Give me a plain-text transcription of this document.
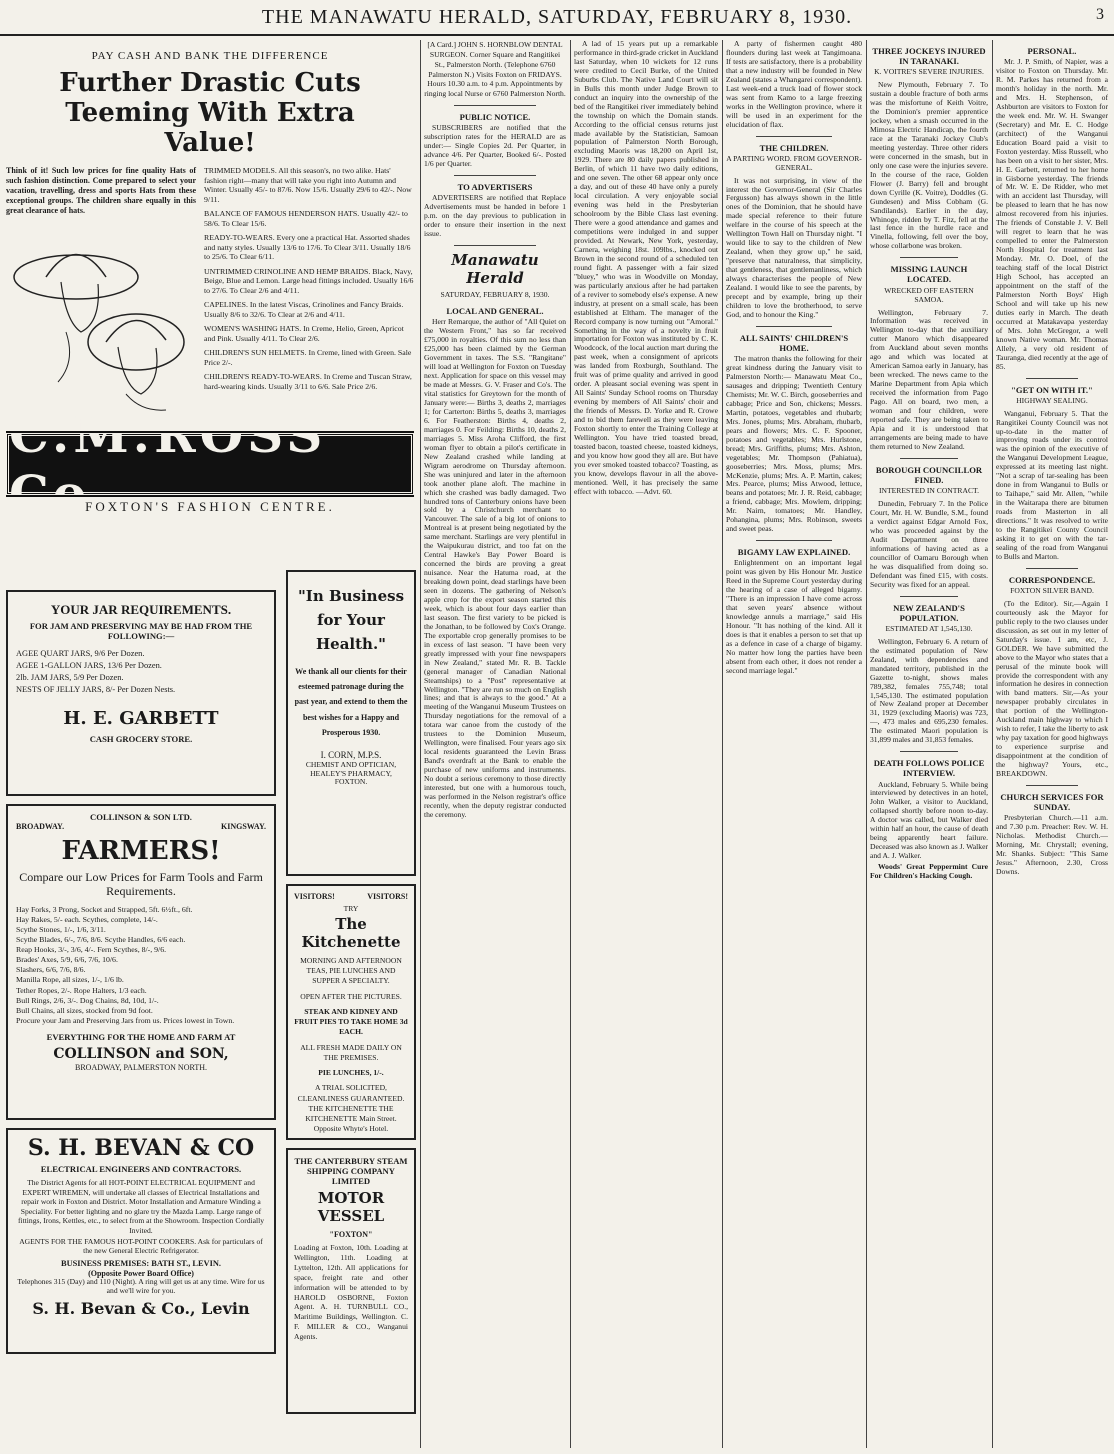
THE MANAWATU HERALD, SATURDAY, FEBRUARY 8, 1930.	3
PAY CASH AND BANK THE DIFFERENCE
Further Drastic Cuts Teeming With Extra Value!
Think of it! Such low prices for fine quality Hats of such fashion distinction. Come prepared to select your vacation, travelling, dress and sports Hats from these exceptional groups. The children share equally in this great clearance of hats.
TRIMMED MODELS. All this season's, no two alike. Hats' fashion right—many that will take you right into Autumn and Winter. Usually 45/- to 87/6. Now 15/6. Usually 29/6 to 42/-. Now 9/11.
BALANCE OF FAMOUS HENDERSON HATS. Usually 42/- to 58/6. To Clear 15/6.
READY-TO-WEARS. Every one a practical Hat. Assorted shades and natty styles. Usually 13/6 to 17/6. To Clear 3/11. Usually 18/6 to 25/6. To Clear 6/11.
UNTRIMMED CRINOLINE AND HEMP BRAIDS. Black, Navy, Beige, Blue and Lemon. Large head fittings included. Usually 16/6 to 27/6. To Clear 2/6 and 4/11.
CAPELINES. In the latest Viscas, Crinolines and Fancy Braids. Usually 8/6 to 32/6. To Clear at 2/6 and 4/11.
WOMEN'S WASHING HATS. In Creme, Helio, Green, Apricot and Pink. Usually 4/11. To Clear 2/6.
CHILDREN'S SUN HELMETS. In Creme, lined with Green. Sale Price 2/-.
CHILDREN'S READY-TO-WEARS. In Creme and Tuscan Straw, hard-wearing kinds. Usually 3/11 to 6/6. Sale Price 2/6.
C.M.ROSS Co
FOXTON'S FASHION CENTRE.
YOUR JAR REQUIREMENTS.
FOR JAM AND PRESERVING MAY BE HAD FROM THE FOLLOWING:—
AGEE QUART JARS, 9/6 Per Dozen.
AGEE 1-GALLON JARS, 13/6 Per Dozen.
2lb. JAM JARS, 5/9 Per Dozen.
NESTS OF JELLY JARS, 8/- Per Dozen Nests.
H. E. GARBETT
CASH GROCERY STORE.
COLLINSON & SON LTD.
BROADWAY.	KINGSWAY.
FARMERS!
Compare our Low Prices for Farm Tools and Farm Requirements.
Hay Forks, 3 Prong, Socket and Strapped, 5ft. 6½ft., 6ft.
Hay Rakes, 5/- each. Scythes, complete, 14/-.
Scythe Stones, 1/-, 1/6, 3/11.
Scythe Blades, 6/-, 7/6, 8/6. Scythe Handles, 6/6 each.
Reap Hooks, 3/-, 3/6, 4/-. Fern Scythes, 8/-, 9/6.
Brades' Axes, 5/9, 6/6, 7/6, 10/6.
Slashers, 6/6, 7/6, 8/6.
Manilla Rope, all sizes, 1/-, 1/6 lb.
Tether Ropes, 2/-. Rope Halters, 1/3 each.
Bull Rings, 2/6, 3/-. Dog Chains, 8d, 10d, 1/-.
Bull Chains, all sizes, stocked from 9d foot.
Procure your Jam and Preserving Jars from us. Prices lowest in Town.
EVERYTHING FOR THE HOME AND FARM AT
COLLINSON and SON,
BROADWAY, PALMERSTON NORTH.
S. H. BEVAN & CO
ELECTRICAL ENGINEERS AND CONTRACTORS.
The District Agents for all HOT-POINT ELECTRICAL EQUIPMENT and EXPERT WIREMEN, will undertake all classes of Electrical Installations and repair work in Foxton and District. Motor Installation and Armature Winding a Speciality. For better lighting and no glare try the Mazda Lamp. Large range of fittings, Irons, Kettles, etc., to select from at the Showroom. Inspection Cordially Invited.
AGENTS FOR THE FAMOUS HOT-POINT COOKERS. Ask for particulars of the new General Electric Refrigerator.
BUSINESS PREMISES: BATH ST., LEVIN.
(Opposite Power Board Office)
Telephones 315 (Day) and 110 (Night). A ring will get us at any time. Wire for us and we'll wire for you.
S. H. Bevan & Co., Levin
"In Business for Your Health."
We thank all our clients for their esteemed patronage during the past year, and extend to them the best wishes for a Happy and Prosperous 1930.
I. CORN, M.P.S.
CHEMIST AND OPTICIAN, HEALEY'S PHARMACY, FOXTON.
VISITORS!	VISITORS!
TRY
The Kitchenette
MORNING AND AFTERNOON TEAS, PIE LUNCHES AND SUPPER A SPECIALTY.
OPEN AFTER THE PICTURES.
STEAK AND KIDNEY AND FRUIT PIES TO TAKE HOME 3d EACH.
ALL FRESH MADE DAILY ON THE PREMISES.
PIE LUNCHES, 1/-.
A TRIAL SOLICITED, CLEANLINESS GUARANTEED. THE KITCHENETTE THE KITCHENETTE Main Street. Opposite Whyte's Hotel.
THE CANTERBURY STEAM SHIPPING COMPANY LIMITED
MOTOR VESSEL
"FOXTON"
Loading at Foxton, 10th. Loading at Wellington, 11th. Loading at Lyttelton, 12th. All applications for space, freight rate and other information will be attended to by HAROLD OSBORNE, Foxton Agent. A. H. TURNBULL CO., Maritime Buildings, Wellington. C. F. MILLER & CO., Wanganui Agents.
[A Card.] JOHN S. HORNBLOW DENTAL SURGEON. Corner Square and Rangitikei St., Palmerston North. (Telephone 6760 Palmerston N.) Visits Foxton on FRIDAYS. Hours 10.30 a.m. to 4 p.m. Appointments by ringing local Nurse or 6760 Palmerston North.
PUBLIC NOTICE.

SUBSCRIBERS are notified that the subscription rates for the HERALD are as under:— Single Copies 2d. Per Quarter, in advance 4/6. Per Quarter, Booked 6/-. Posted 1/6 per Quarter.

TO ADVERTISERS

ADVERTISERS are notified that Replace Advertisements must be handed in before 1 p.m. on the day previous to publication in order to ensure their insertion in the next issue.

Manawatu Herald
SATURDAY, FEBRUARY 8, 1930.
LOCAL AND GENERAL.

Herr Remarque, the author of "All Quiet on the Western Front," has so far received £75,000 in royalties. Of this sum no less than £25,000 has been claimed by the German Government in taxes. The S.S. "Rangitane" will load at Wellington for Foxton on Tuesday next. Application for space on this vessel may be made at Messrs. G. V. Fraser and Co's. The vital statistics for Greytown for the month of January were:— Births 3, deaths 2, marriages 1; for Carterton: Births 5, deaths 3, marriages 6. For Featherston: Births 4, deaths 2, marriages 0. For Feilding: Births 10, deaths 2, marriages 5. Miss Aroha Clifford, the first woman flyer to obtain a pilot's certificate in New Zealand crashed while landing at Wigram aerodrome on Thursday afternoon. She was uninjured and later in the afternoon took another plane aloft. The machine in which she crashed was badly damaged. Two hundred tons of Canterbury onions have been sold by a Christchurch merchant to Vancouver. The sale of a big lot of onions to Montreal is at present being negotiated by the same merchant. Starlings are very plentiful in the Waipukurau district, and too fat on the Central Hawke's Bay Power Board is concerned the birds are proving a great nuisance. Near the Hatuma road, at the breaking down point, dead starlings have been seen in dozens. The gathering of Nelson's apple crop for the export season started this week, which is about four days earlier than last season. The first variety to be picked is the Jonathan, to be followed by Cox's Orange. The exportable crop generally promises to be in excess of last season. "I have been very greatly impressed with your fine newspapers in New Zealand," stated Mr. R. B. Tackle (general manager of Canadian National Steamships) to a "Post" representative at Wellington. "They are run so much on English lines; and that is always to the good." At a meeting of the Wanganui Museum Trustees on Thursday negotiations for the removal of a totara war canoe from the custody of the trustees to the Dominion Museum, Wellington, were finalised. Four years ago six local residents guaranteed the Levin Brass Band's overdraft at the Bank to enable the purchase of new uniforms and instruments. No doubt a serious ceremony to those directly interested, but one with a humorous touch, was performed in the Nelson registrar's office recently, when the deputy registrar conducted the ceremony.

A lad of 15 years put up a remarkable performance in third-grade cricket in Auckland last Saturday, when 10 wickets for 12 runs were credited to Cecil Burke, of the United Suburbs Club. The Native Land Court will sit in Bulls this month under Judge Brown to conduct an inquiry into the ownership of the bed of the Rangitikei river immediately behind the township on which the Domain stands. According to the official census returns just made available by the Statistician, Samoan population of Palmerston North Borough, excluding Maoris was 18,200 on April 1st, 1929. There are 80 daily papers published in Berlin, of which 11 have two daily editions, and one seven. The other 68 appear only once a day, and out of these 40 have only a purely local circulation. A very enjoyable social evening was held in the Presbyterian schoolroom by the Bible Class last evening. There were a good attendance and games and competitions were indulged in and supper provided. At Newark, New York, yesterday, Carnera, weighing 18st. 109lbs., knocked out Brown in the second round of a scheduled ten round fight. A passenger with a fair sized "bluey," who was in Woodville on Monday, was particularly anxious after he had partaken of a reviver to somebody else's expense. A new industry, at present on a small scale, has been established at Eltham. The manager of the Record company is now turning out "Amoral." Something in the way of a novelty in fruit importation for Foxton was instituted by C. K. Woodcock, of the local auction mart during the past week, when a consignment of apricots was landed from Roxburgh, Southland. The fruit was of prime quality and arrived in good order. A pleasant social evening was spent in All Saints' Sunday School rooms on Thursday evening by members of All Saints' choir and the friends of Messrs. D. Yorke and R. Crowe and to bid them farewell as they were leaving Foxton shortly to enter the Training College at Wellington. You have tried toasted bread, toasted bacon, toasted cheese, toasted kidneys, and you know how good they all are. But have you ever smoked toasted tobacco? Toasting, as you know, develops flavour in all the above-mentioned. Well, it has precisely the same effect with tobacco. —Advt. 60.

A party of fishermen caught 480 flounders during last week at Tangimoana. If tests are satisfactory, there is a probability that a new industry will be founded in New Zealand (states a Whangarei correspondent). Last week-end a truck load of flower stock was sent from Kamo to a large freezing works in the Wellington province, where it will be used in an experiment for the elucidation of flax.

THE CHILDREN.
A PARTING WORD. FROM GOVERNOR-GENERAL.

It was not surprising, in view of the interest the Governor-General (Sir Charles Fergusson) has always shown in the little ones of the Dominion, that he should have made special reference to their future welfare in the course of his speech at the Wellington Town Hall on Thursday night. "I would like to say to the children of New Zealand, when they grow up," he said, "preserve that naturalness, that simplicity, that gentleness, that gentlemanliness, which always characterises the people of New Zealand. I would like to see the parents, by precept and by example, bring up their children to love the brotherhood, to serve God, and to honour the King."

ALL SAINTS' CHILDREN'S HOME.

The matron thanks the following for their great kindness during the January visit to Palmerston North:— Manawatu Meat Co., sausages and dripping; Twentieth Century Chemists; Mr. W. C. Birch, gooseberries and cabbage; Price and Son, chickens; Messrs. Martin, potatoes, vegetables and rhubarb; Mrs. Jones, plums; Mrs. Abraham, rhubarb, pears and flowers; Mrs. C. F. Spooner, potatoes and vegetables; Mrs. Hurlstone, bread; Mrs. Griffiths, plums; Mrs. Ashton, vegetables; Mr. Thompson (Pahiatua), gooseberries; Mrs. Moss, plums; Mrs. McKenzie, plums; Mrs. A. P. Martin, cakes; Mrs. Pearce, plums; Miss Atwood, lettuce, beans and potatoes; Mr. J. R. Reid, cabbage; a friend, cabbage; Mrs. Mowlem, dripping; Mr. Nairn, tomatoes; Mr. Handley, Pohangina, plums; Mrs. Robinson, sweets and sweet peas.

BIGAMY LAW EXPLAINED.

Enlightenment on an important legal point was given by His Honour Mr. Justice Reed in the Supreme Court yesterday during the hearing of a case of alleged bigamy. "There is an impression I have come across that seven years' absence without knowledge annuls a marriage," said His Honour. "It has nothing of the kind. All it does is that it enables a person to set that up as a defence in case of a charge of bigamy. No matter how long the parties have been absent from each other, it does not render a second marriage legal."

THREE JOCKEYS INJURED IN TARANAKI.
K. VOITRE'S SEVERE INJURIES.

New Plymouth, February 7. To sustain a double fracture of both arms was the misfortune of Keith Voitre, the Dominion's premier apprentice jockey, when a smash occurred in the Mimosa Electric Handicap, the fourth race at the Taranaki Jockey Club's meeting yesterday. Three other riders were concerned in the smash, but in only one case were the injuries severe. In the course of the race, Golden Flower (J. Barry) fell and brought down Cyrille (K. Voitre), Doddles (G. Gundesen) and Miss Cobham (G. Sandilands). Earlier in the day, Whinoge, ridden by T. Fitz, fell at the last fence in the hurdle race and Vinella, following, fell over the boy, whose collarbone was broken.

MISSING LAUNCH LOCATED.
WRECKED OFF EASTERN SAMOA.

Wellington, February 7. Information was received in Wellington to-day that the auxiliary cutter Manoro which disappeared from Auckland about seven months ago and which was located at American Samoa early in January, has been wrecked. The news came to the Marine Department from Apia which received the information from Pago Pago. All on board, two men, a woman and four children, were reported safe. They are being taken to Apia and it is understood that arrangements are being made to have them returned to New Zealand.

BOROUGH COUNCILLOR FINED.
INTERESTED IN CONTRACT.

Dunedin, February 7. In the Police Court, Mr. H. W. Bundle, S.M., found a verdict against Edgar Arnold Fox, who was proceeded against by the Audit Department on three informations of having acted as a councillor of Oamaru Borough when he was disqualified from doing so. Defendant was fined £15, with costs. Security was fixed for an appeal.

NEW ZEALAND'S POPULATION.
ESTIMATED AT 1,545,130.

Wellington, February 6. A return of the estimated population of New Zealand, with dependencies and mandated territory, published in the Gazette to-night, shows males 789,382, females 755,748; total 1,545,130. The estimated population of New Zealand proper at December 31, 1929 (excluding Maoris) was 723,—, 473 males and 695,230 females. The estimated Maori population is 31,899 males and 31,853 females.

DEATH FOLLOWS POLICE INTERVIEW.

Auckland, February 5. While being interviewed by detectives in an hotel, John Walker, a visitor to Auckland, collapsed shortly before noon to-day. A doctor was called, but Walker died within half an hour, the cause of death being apparently heart failure. Deceased was also known as J. Walker and A. J. Walker.

Woods' Great Peppermint Cure For Children's Hacking Cough.

PERSONAL.

Mr. J. P. Smith, of Napier, was a visitor to Foxton on Thursday. Mr. R. M. Parkes has returned from a month's holiday in the north. Mr. and Mrs. H. Stephenson, of Ashburton are visitors to Foxton for the week end. Mr. W. H. Swanger (Secretary) and Mr. E. C. Hodge (architect) of the Wanganui Education Board paid a visit to Foxton yesterday. Miss Russell, who has been on a visit to her sister, Mrs. H. E. Garbett, returned to her home in Gisborne yesterday. The friends of Mr. W. E. De Ridder, who met with an accident last Thursday, will be pleased to learn that he has now almost recovered from his injuries. The friends of Constable J. V. Bell will regret to learn that he was compelled to enter the Palmerston North Hospital for treatment last Monday. Mr. O. Doel, of the teaching staff of the local District High School, has accepted an appointment on the staff of the Palmerston North Boys' High School and will take up his new duties early in March. The death occurred at Matakavapa yesterday of Mrs. John McGregor, a well known Native woman. Mr. Thomas Allely, a very old resident of Tauranga, died recently at the age of 85.

"GET ON WITH IT."
HIGHWAY SEALING.

Wanganui, February 5. That the Rangitikei County Council was not up-to-date in the matter of improving roads under its control was the opinion of the executive of the Wanganui Development League, expressed at its meeting last night. "Not a scrap of tar-sealing has been done in from Wanganui to Bulls or to Taihape," said Mr. Allen, "while in the Waitarapa there are bitumen roads from Masterton in all directions." It was resolved to write to the Rangitikei County Council asking it to get on with the tar-sealing of the road from Wanganui to Bulls and Marton.

CORRESPONDENCE.
FOXTON SILVER BAND.

(To the Editor). Sir,—Again I courteously ask the Mayor for public reply to the two clauses under discussion, as set out in my letter of Saturday's issue. I am, etc, J. GOLDER. We have submitted the above to the Mayor who states that a perusal of the minute book will provide the correspondent with any information he desires in connection with band matters. Sir,—As your newspaper probably circulates in that portion of the Wellington-Auckland main highway to which I wish to refer, I take the liberty to ask why pay taxation for good highways to experience surprise and disappointment at the condition of the highway? Yours, etc., BREAKDOWN.

CHURCH SERVICES FOR SUNDAY.

Presbyterian Church.—11 a.m. and 7.30 p.m. Preacher: Rev. W. H. Nicholas. Methodist Church.— Morning, Mr. Chrystall; evening, Mr. Shanks. Subject: "This Same Jesus." Afternoon, 2.30, Cross Downs.
